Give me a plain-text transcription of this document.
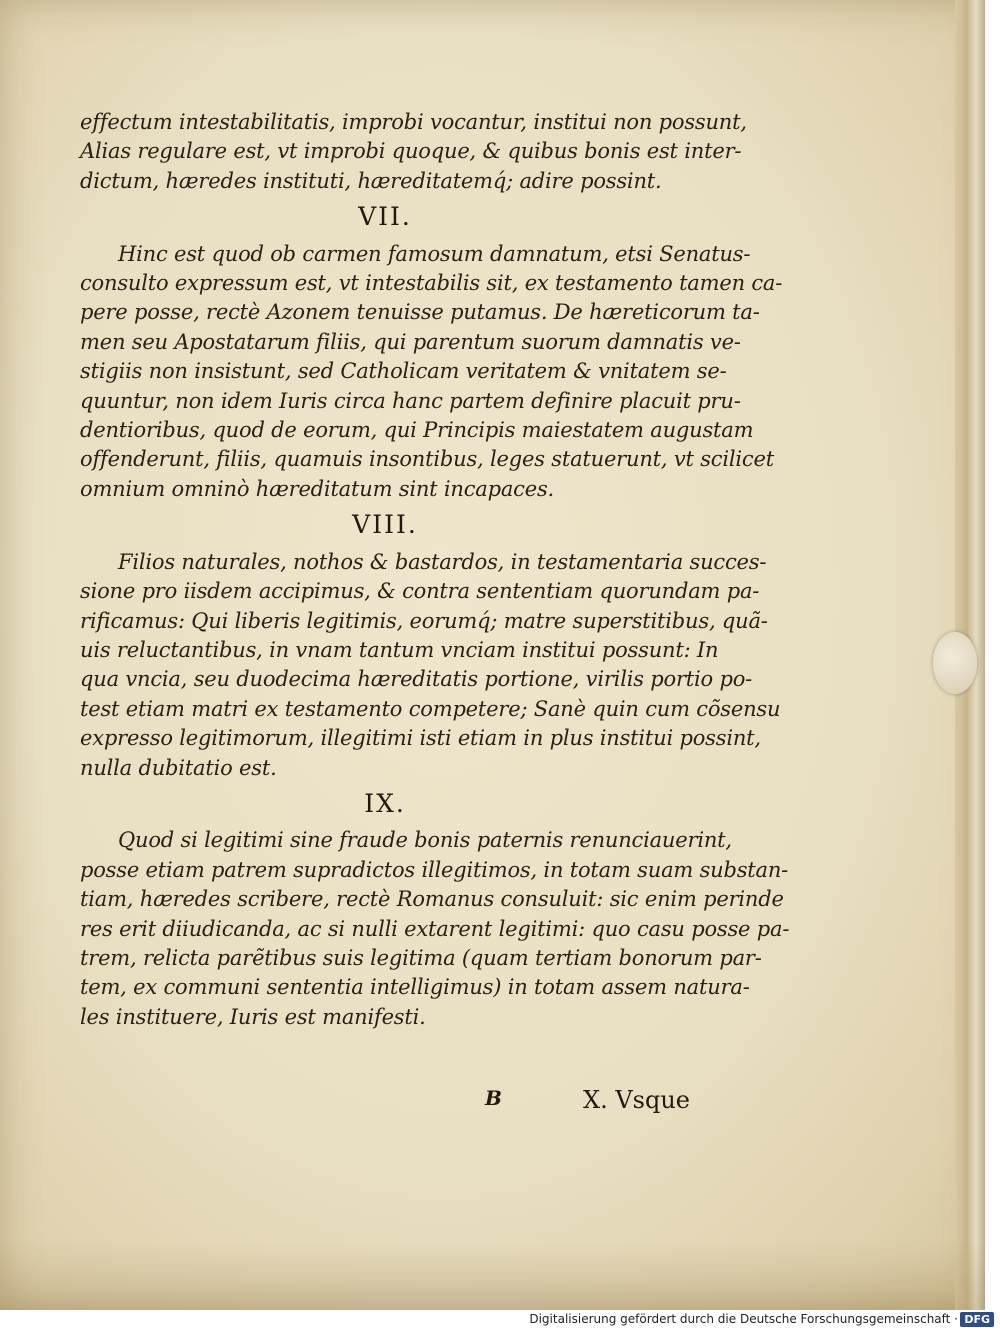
effectum intestabilitatis, improbi vocantur, institui non possunt,
Alias regulare est, vt improbi quoque, & quibus bonis est inter-
dictum, hæredes instituti, hæreditatemq́; adire possint.
VII.
Hinc est quod ob carmen famosum damnatum, etsi Senatus-
consulto expressum est, vt intestabilis sit, ex testamento tamen ca-
pere posse, rectè Azonem tenuisse putamus. De hæreticorum ta-
men seu Apostatarum filiis, qui parentum suorum damnatis ve-
stigiis non insistunt, sed Catholicam veritatem & vnitatem se-
quuntur, non idem Iuris circa hanc partem definire placuit pru-
dentioribus, quod de eorum, qui Principis maiestatem augustam
offenderunt, filiis, quamuis insontibus, leges statuerunt, vt scilicet
omnium omninò hæreditatum sint incapaces.
VIII.
Filios naturales, nothos & bastardos, in testamentaria succes-
sione pro iisdem accipimus, & contra sententiam quorundam pa-
rificamus: Qui liberis legitimis, eorumq́; matre superstitibus, quã-
uis reluctantibus, in vnam tantum vnciam institui possunt: In
qua vncia, seu duodecima hæreditatis portione, virilis portio po-
test etiam matri ex testamento competere; Sanè quin cum cõsensu
expresso legitimorum, illegitimi isti etiam in plus institui possint,
nulla dubitatio est.
IX.
Quod si legitimi sine fraude bonis paternis renunciauerint,
posse etiam patrem supradictos illegitimos, in totam suam substan-
tiam, hæredes scribere, rectè Romanus consuluit: sic enim perinde
res erit diiudicanda, ac si nulli extarent legitimi: quo casu posse pa-
trem, relicta parẽtibus suis legitima (quam tertiam bonorum par-
tem, ex communi sententia intelligimus) in totam assem natura-
les instituere, Iuris est manifesti.
B	X. Vsque
Digitalisierung gefördert durch die Deutsche Forschungsgemeinschaft · DFG
